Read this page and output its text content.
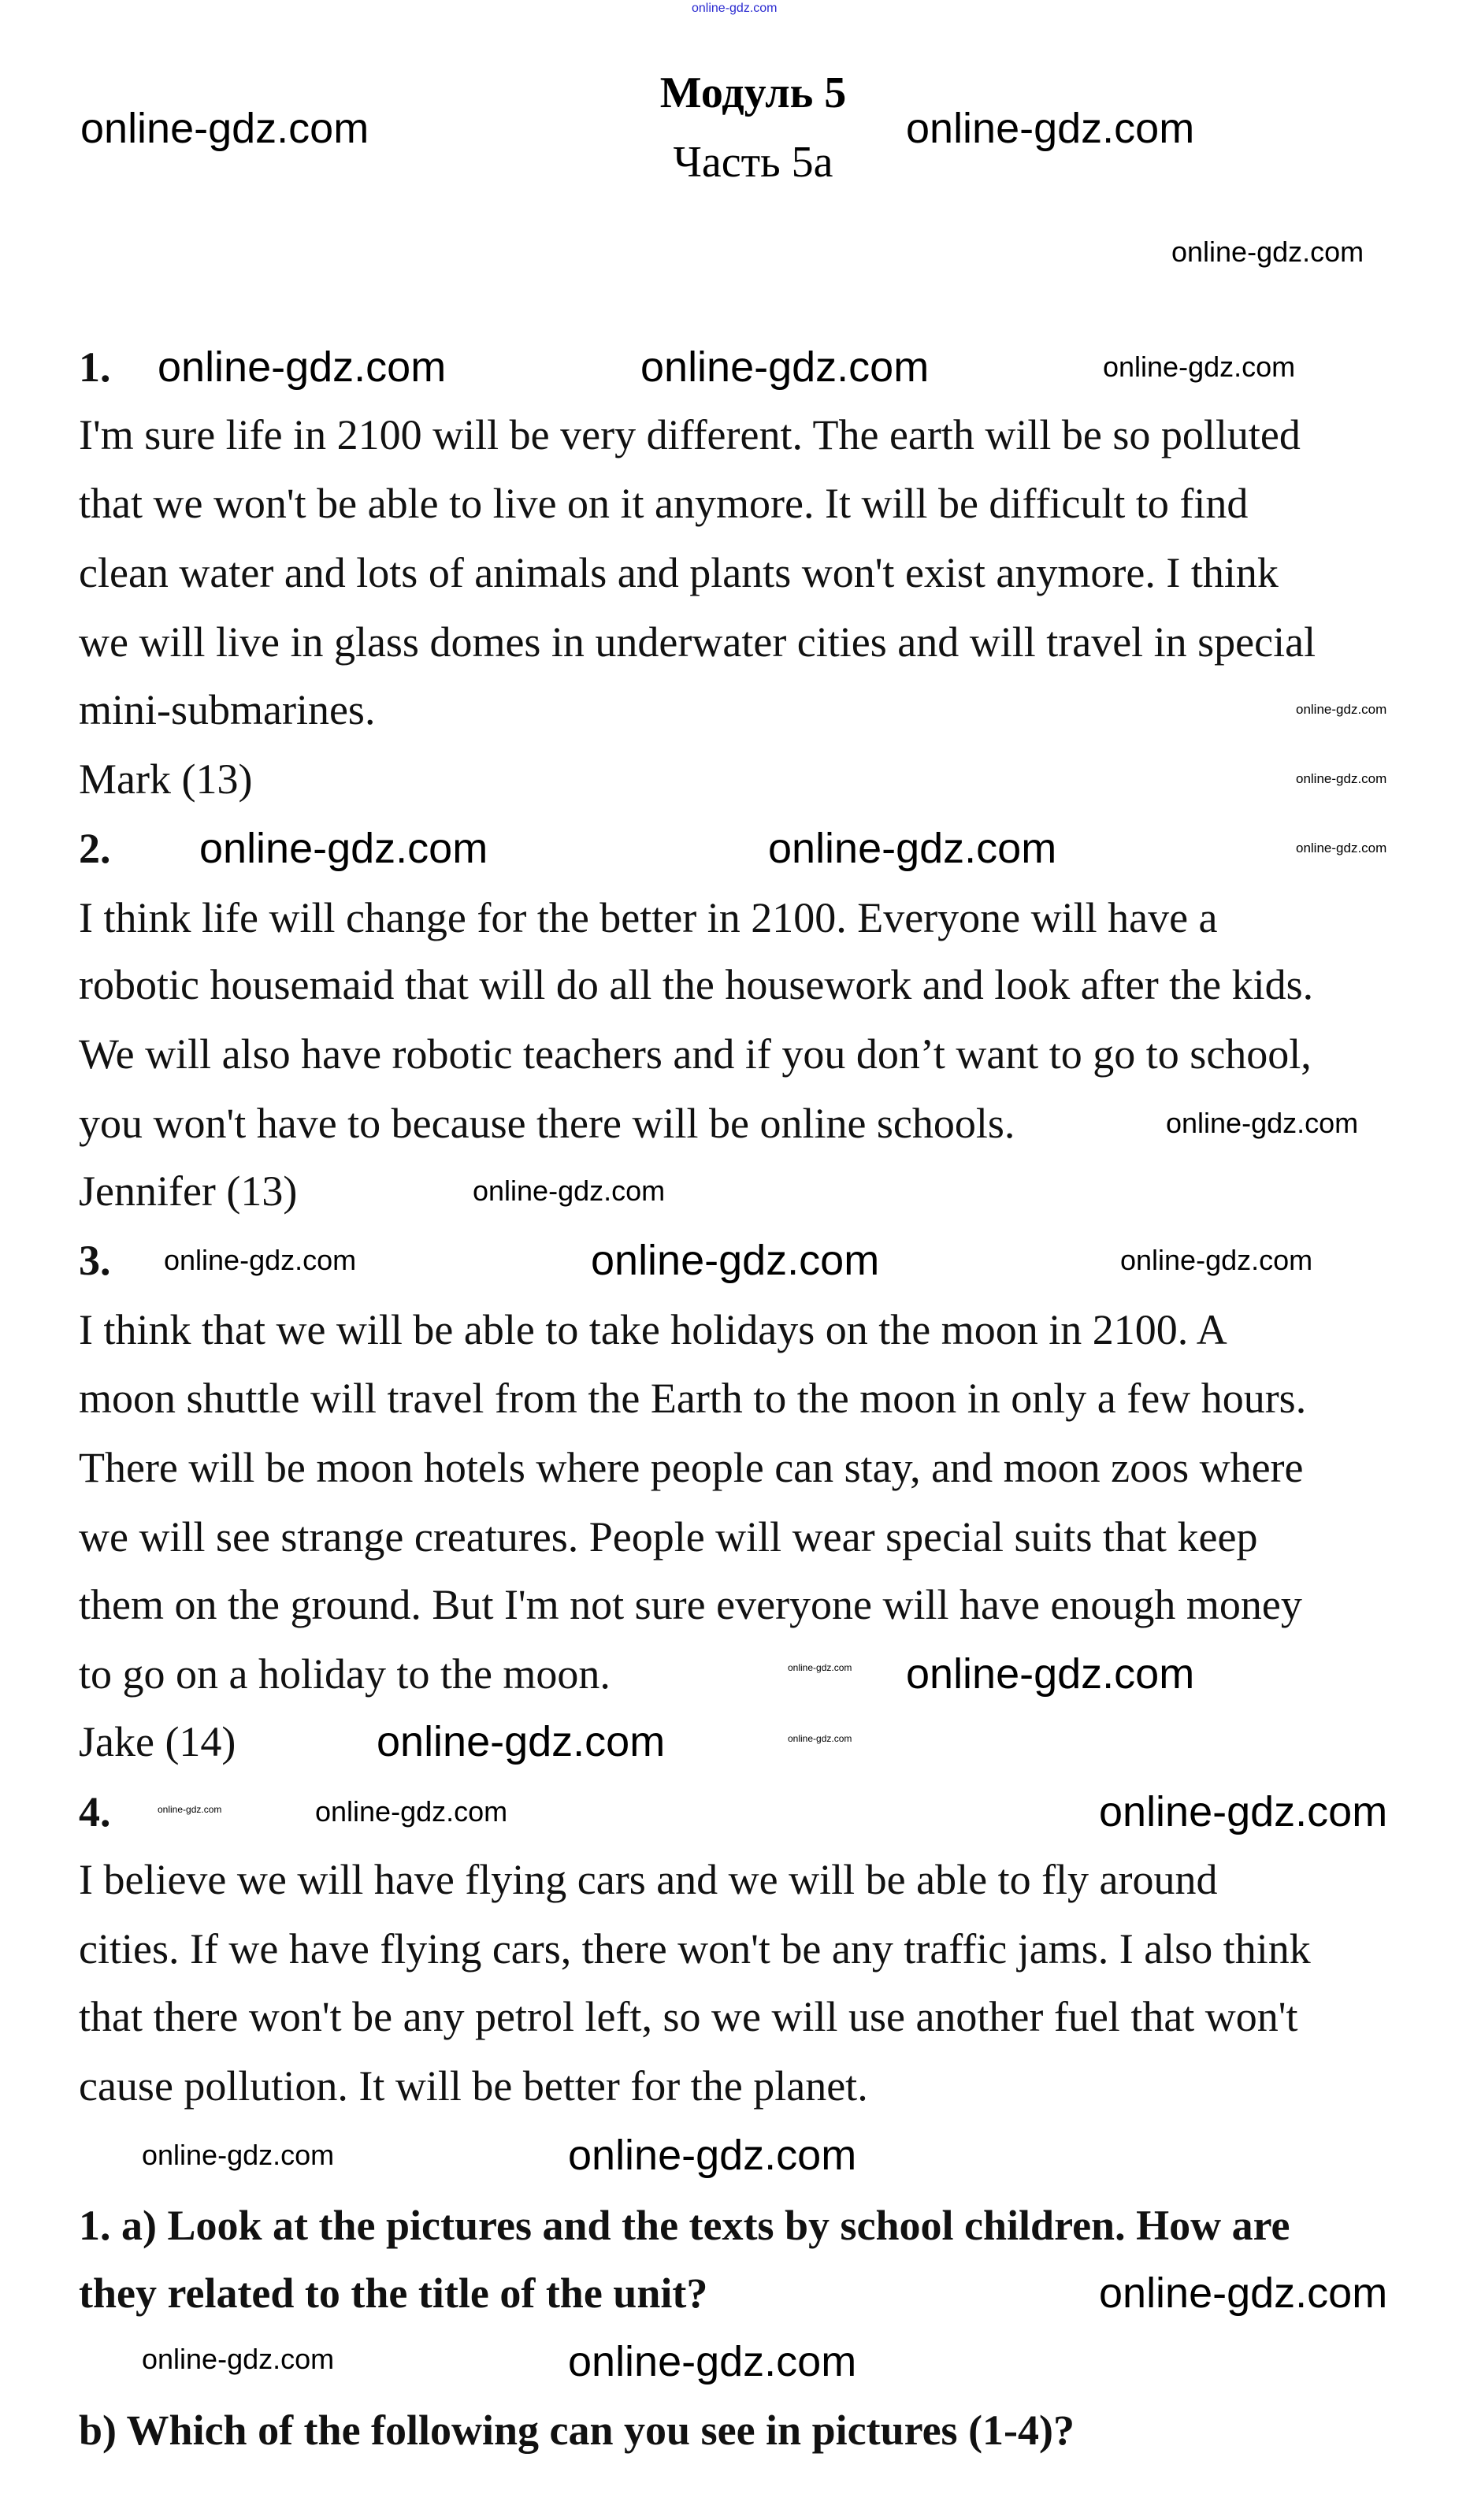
Модуль 5
Часть 5a
1.
I'm sure life in 2100 will be very different. The earth will be so polluted
that we won't be able to live on it anymore. It will be difficult to find
clean water and lots of animals and plants won't exist anymore. I think
we will live in glass domes in underwater cities and will travel in special
mini-submarines.
Mark (13)
2.
I think life will change for the better in 2100. Everyone will have a
robotic housemaid that will do all the housework and look after the kids.
We will also have robotic teachers and if you don’t want to go to school,
you won't have to because there will be online schools.
Jennifer (13)
3.
I think that we will be able to take holidays on the moon in 2100. A
moon shuttle will travel from the Earth to the moon in only a few hours.
There will be moon hotels where people can stay, and moon zoos where
we will see strange creatures. People will wear special suits that keep
them on the ground. But I'm not sure everyone will have enough money
to go on a holiday to the moon.
Jake (14)
4.
I believe we will have flying cars and we will be able to fly around
cities. If we have flying cars, there won't be any traffic jams. I also think
that there won't be any petrol left, so we will use another fuel that won't
cause pollution. It will be better for the planet.
1. a) Look at the pictures and the texts by school children. How are
they related to the title of the unit?
b) Which of the following can you see in pictures (1-4)?
online-gdz.com
online-gdz.com	online-gdz.com
online-gdz.com
online-gdz.com	online-gdz.com	online-gdz.com
online-gdz.com
online-gdz.com
online-gdz.com
online-gdz.com	online-gdz.com
online-gdz.com
online-gdz.com
online-gdz.com	online-gdz.com	online-gdz.com
online-gdz.com
online-gdz.com
online-gdz.com	online-gdz.com
online-gdz.com	online-gdz.com	online-gdz.com
online-gdz.com
online-gdz.com
online-gdz.com
online-gdz.com	online-gdz.com
